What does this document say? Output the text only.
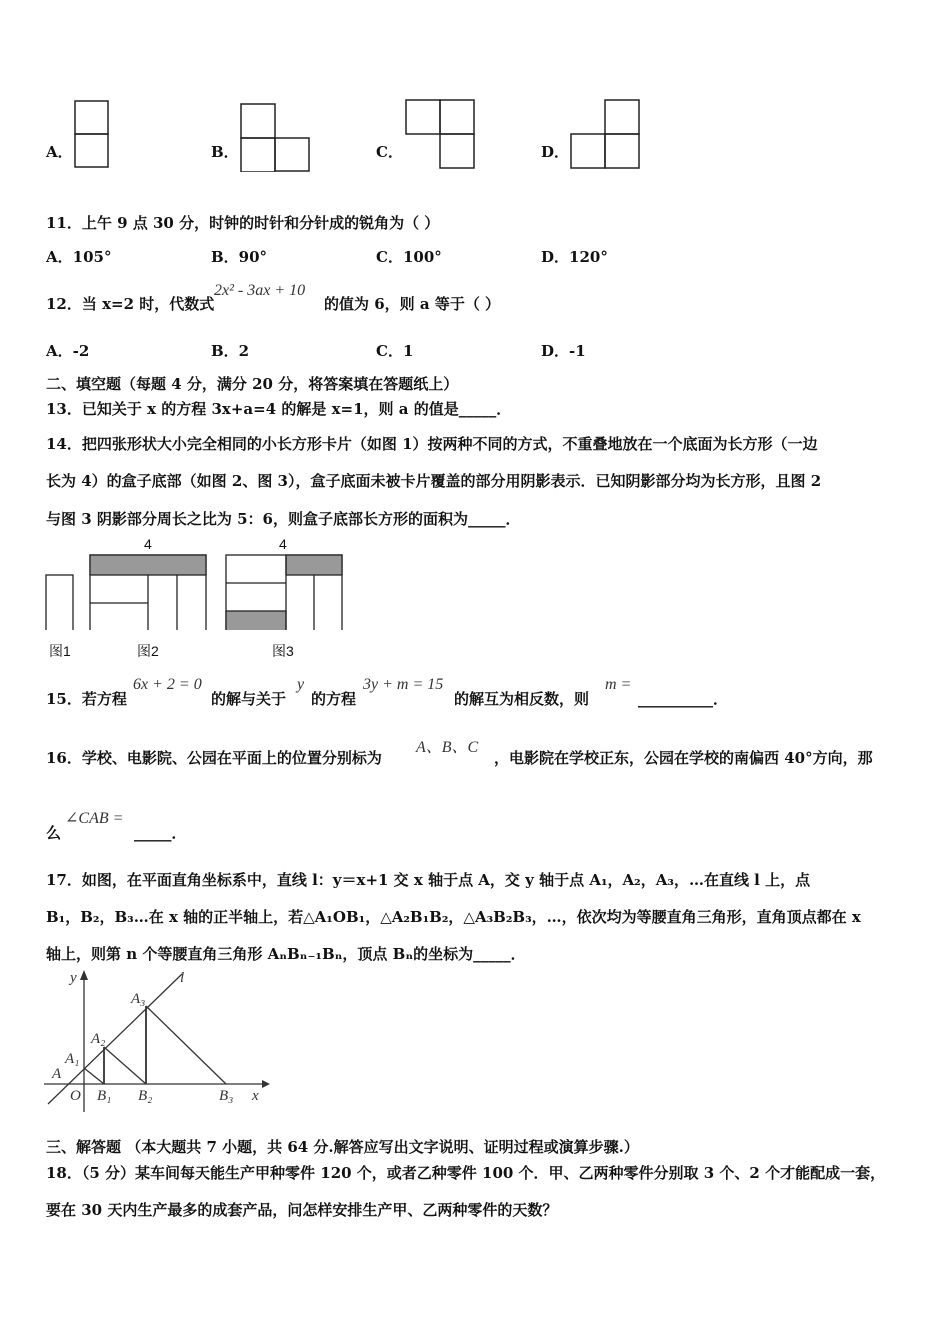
A．	B．	C．	D．
11．上午 9 点 30 分，时钟的时针和分针成的锐角为（ ）
A．105°	B．90°	C．100°	D．120°
12．当 x=2 时，代数式
2x² - 3ax + 10
的值为 6，则 a 等于（ ）
A．-2	B．2	C．1	D．-1
二、填空题（每题 4 分，满分 20 分，将答案填在答题纸上）
13．已知关于 x 的方程 3x+a=4 的解是 x=1，则 a 的值是_____．
14．把四张形状大小完全相同的小长方形卡片（如图 1）按两种不同的方式，不重叠地放在一个底面为长方形（一边
长为 4）的盒子底部（如图 2、图 3），盒子底面未被卡片覆盖的部分用阴影表示．已知阴影部分均为长方形，且图 2
与图 3 阴影部分周长之比为 5：6，则盒子底部长方形的面积为_____．
4	4
图1	图2	图3
15．若方程
6x + 2 = 0
的解与关于
y
的方程
3y + m = 15
的解互为相反数，则
m =
__________．
16．学校、电影院、公园在平面上的位置分别标为
A、B、C
，电影院在学校正东，公园在学校的南偏西 40°方向，那
么
∠CAB =
_____．
17．如图，在平面直角坐标系中，直线 l：y＝x+1 交 x 轴于点 A，交 y 轴于点 A₁，A₂，A₃，…在直线 l 上，点
B₁，B₂，B₃…在 x 轴的正半轴上，若△A₁OB₁，△A₂B₁B₂，△A₃B₂B₃，…，依次均为等腰直角三角形，直角顶点都在 x
轴上，则第 n 个等腰直角三角形 AₙBₙ₋₁Bₙ，顶点 Bₙ的坐标为_____．
y
x
l
A
O
A₁
A₂
A₃
B₁ B₂	B₃
三、解答题 （本大题共 7 小题，共 64 分.解答应写出文字说明、证明过程或演算步骤.）
18．（5 分）某车间每天能生产甲种零件 120 个，或者乙种零件 100 个．甲、乙两种零件分别取 3 个、2 个才能配成一套，
要在 30 天内生产最多的成套产品，问怎样安排生产甲、乙两种零件的天数？
